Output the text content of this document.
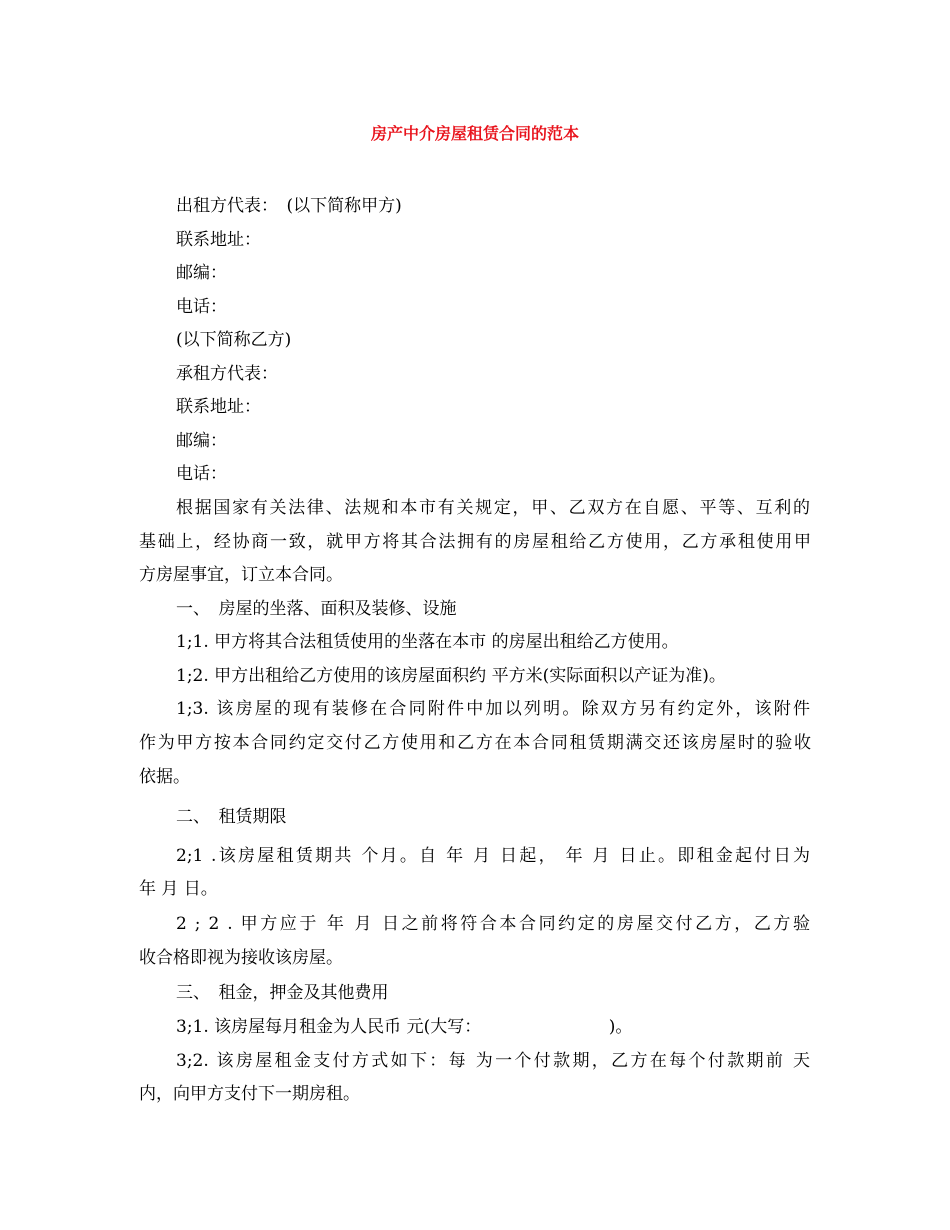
房产中介房屋租赁合同的范本
出租方代表：　(以下简称甲方)
联系地址：
邮编：
电话：
(以下简称乙方)
承租方代表：
联系地址：
邮编：
电话：
根据国家有关法律、法规和本市有关规定，甲、乙双方在自愿、平等、互利的
基础上，经协商一致，就甲方将其合法拥有的房屋租给乙方使用，乙方承租使用甲
方房屋事宜，订立本合同。
一、　房屋的坐落、面积及装修、设施
1;1. 甲方将其合法租赁使用的坐落在本市 的房屋出租给乙方使用。
1;2. 甲方出租给乙方使用的该房屋面积约 平方米(实际面积以产证为准)。
1;3. 该房屋的现有装修在合同附件中加以列明。除双方另有约定外，该附件
作为甲方按本合同约定交付乙方使用和乙方在本合同租赁期满交还该房屋时的验收
依据。
二、　租赁期限
2;1 .该房屋租赁期共 个月。自 年 月 日起， 年 月 日止。即租金起付日为
年 月 日。
2 ; 2 . 甲方应于 年 月 日之前将符合本合同约定的房屋交付乙方，乙方验
收合格即视为接收该房屋。
三、　租金，押金及其他费用
3;1. 该房屋每月租金为人民币 元(大写：　　　　　　　　)。
3;2. 该房屋租金支付方式如下：每 为一个付款期，乙方在每个付款期前 天
内，向甲方支付下一期房租。
